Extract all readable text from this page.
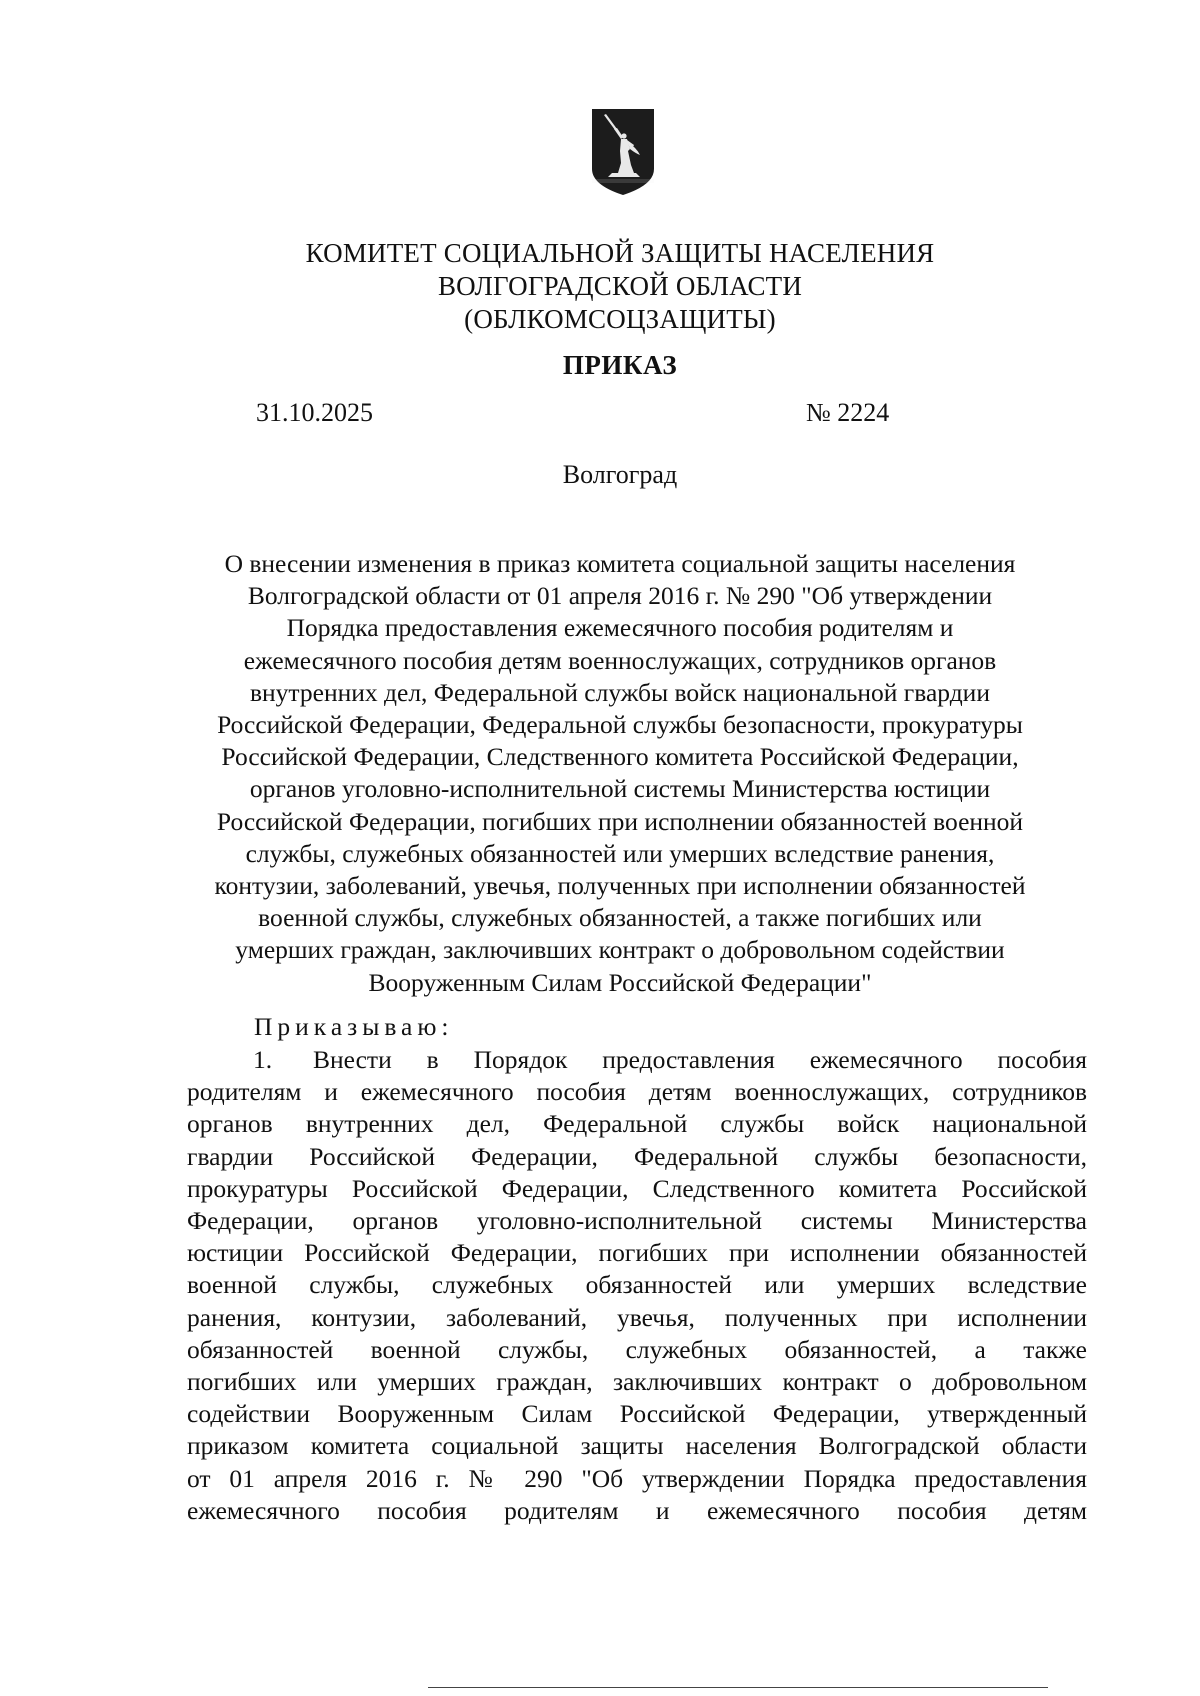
КОМИТЕТ СОЦИАЛЬНОЙ ЗАЩИТЫ НАСЕЛЕНИЯ
ВОЛГОГРАДСКОЙ ОБЛАСТИ
(ОБЛКОМСОЦЗАЩИТЫ)
ПРИКАЗ
31.10.2025	№ 2224
Волгоград
О внесении изменения в приказ комитета социальной защиты населения
Волгоградской области от 01 апреля 2016 г. № 290 "Об утверждении
Порядка предоставления ежемесячного пособия родителям и
ежемесячного пособия детям военнослужащих, сотрудников органов
внутренних дел, Федеральной службы войск национальной гвардии
Российской Федерации, Федеральной службы безопасности, прокуратуры
Российской Федерации, Следственного комитета Российской Федерации,
органов уголовно-исполнительной системы Министерства юстиции
Российской Федерации, погибших при исполнении обязанностей военной
службы, служебных обязанностей или умерших вследствие ранения,
контузии, заболеваний, увечья, полученных при исполнении обязанностей
военной службы, служебных обязанностей, а также погибших или
умерших граждан, заключивших контракт о добровольном содействии
Вооруженным Силам Российской Федерации"
Приказываю:
1. Внести в Порядок предоставления ежемесячного пособия
родителям и ежемесячного пособия детям военнослужащих, сотрудников
органов внутренних дел, Федеральной службы войск национальной
гвардии Российской Федерации, Федеральной службы безопасности,
прокуратуры Российской Федерации, Следственного комитета Российской
Федерации, органов уголовно-исполнительной системы Министерства
юстиции Российской Федерации, погибших при исполнении обязанностей
военной службы, служебных обязанностей или умерших вследствие
ранения, контузии, заболеваний, увечья, полученных при исполнении
обязанностей военной службы, служебных обязанностей, а также
погибших или умерших граждан, заключивших контракт о добровольном
содействии Вооруженным Силам Российской Федерации, утвержденный
приказом комитета социальной защиты населения Волгоградской области
от 01 апреля 2016 г. № 290 "Об утверждении Порядка предоставления
ежемесячного пособия родителям и ежемесячного пособия детям
